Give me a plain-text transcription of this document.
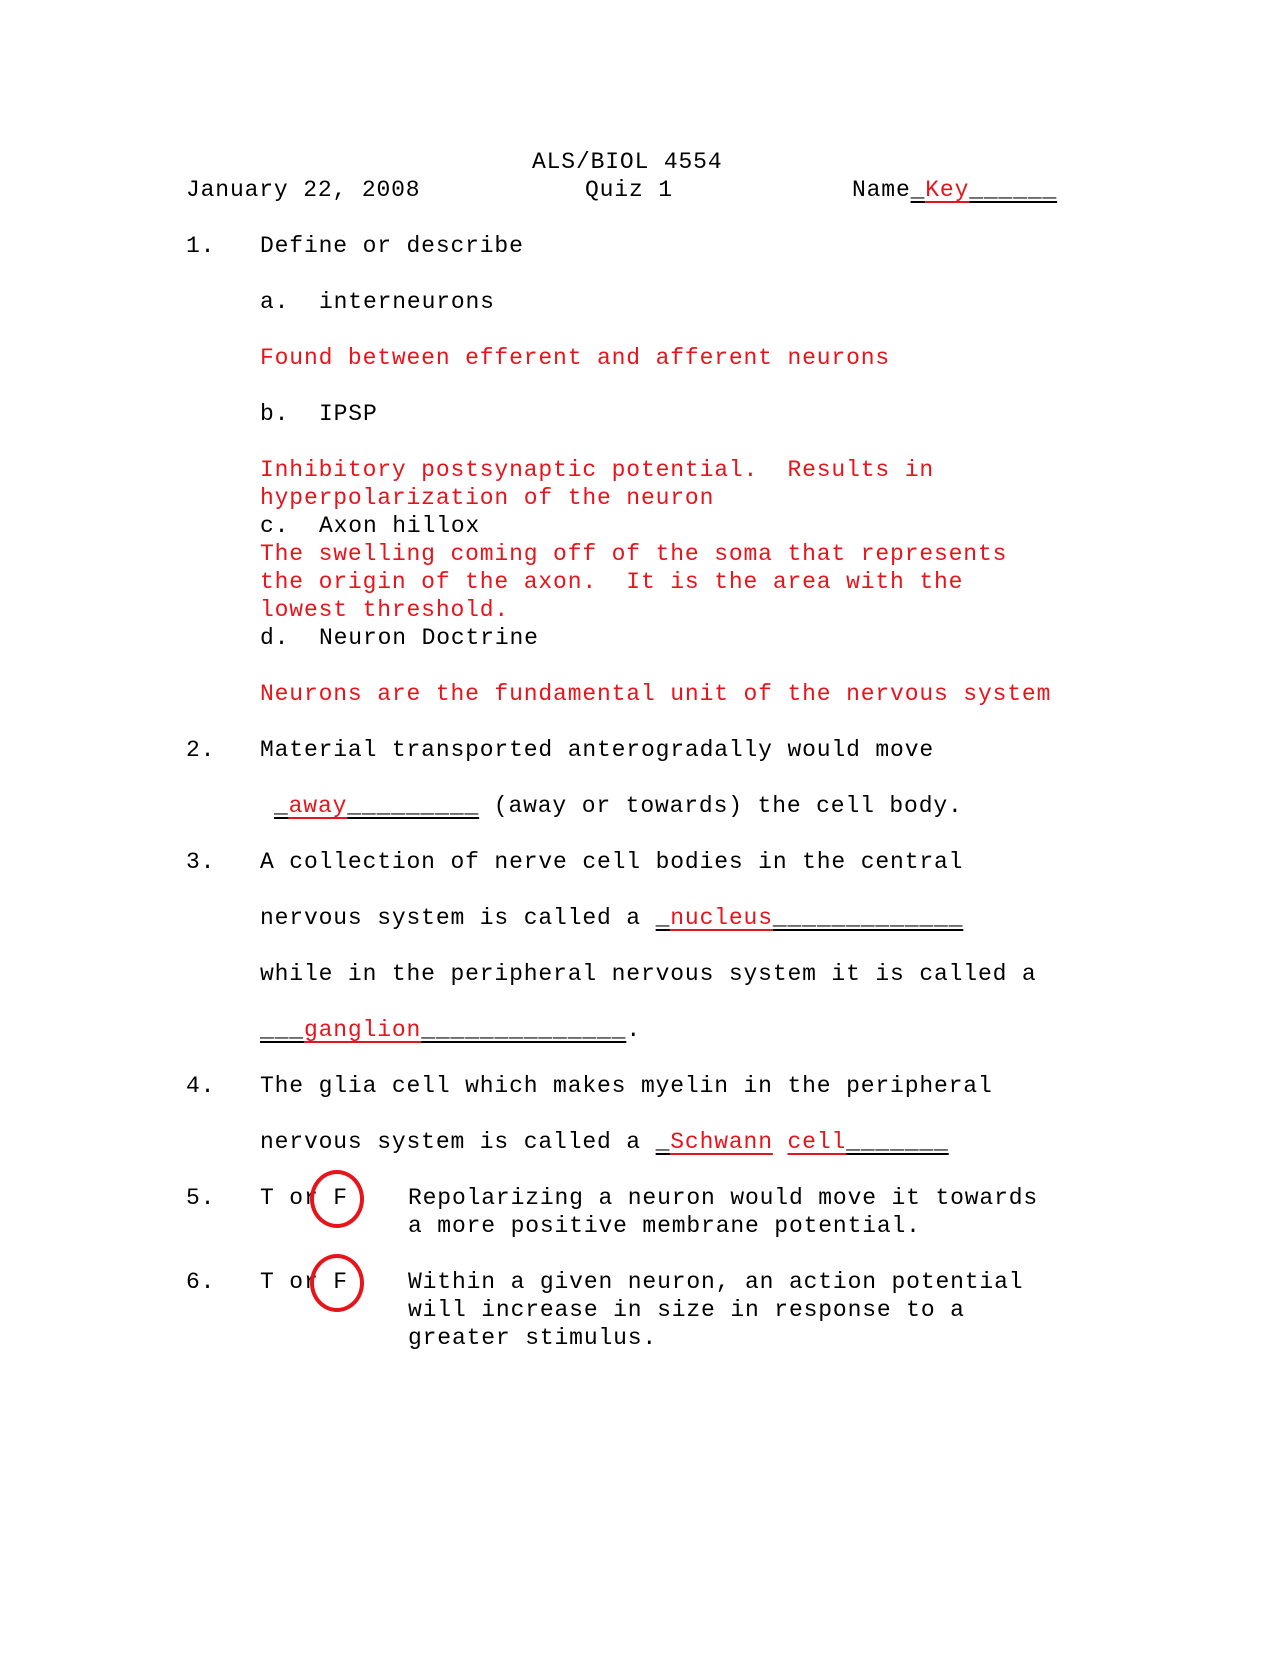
ALS/BIOL 4554

January 22, 2008	Quiz 1	Name_Key______

1. Define or describe

a. interneurons

Found between efferent and afferent neurons

b. IPSP

Inhibitory postsynaptic potential.  Results in

hyperpolarization of the neuron

c. Axon hillox

The swelling coming off of the soma that represents

the origin of the axon.  It is the area with the

lowest threshold.

d. Neuron Doctrine

Neurons are the fundamental unit of the nervous system

2. Material transported anterogradally would move

_away_________ (away or towards) the cell body.

3. A collection of nerve cell bodies in the central

nervous system is called a _nucleus_____________

while in the peripheral nervous system it is called a

___ganglion______________.

4. The glia cell which makes myelin in the peripheral

nervous system is called a _Schwann cell_______

5. T or F	Repolarizing a neuron would move it towards

a more positive membrane potential.

6. T or F	Within a given neuron, an action potential

will increase in size in response to a

greater stimulus.
